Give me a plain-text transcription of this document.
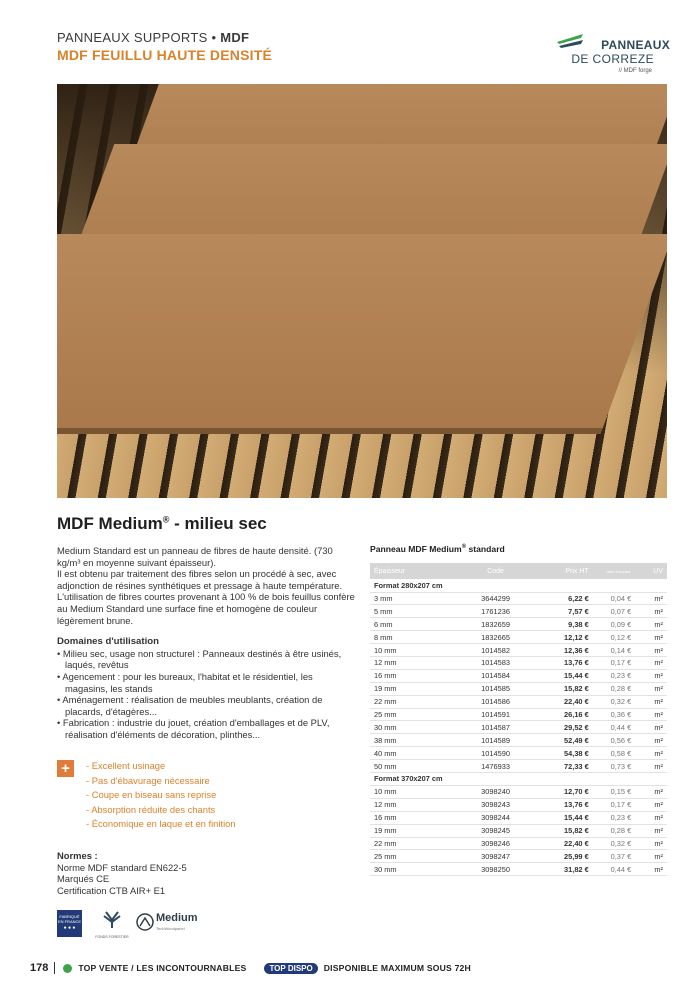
PANNEAUX SUPPORTS • MDF
MDF FEUILLU HAUTE DENSITÉ
PANNEAUX
DE CORREZE
// MDF forge
MDF Medium® - milieu sec

Medium Standard est un panneau de fibres de haute densité. (730 kg/m³ en moyenne suivant épaisseur).

Il est obtenu par traitement des fibres selon un procédé à sec, avec adjonction de résines synthétiques et pressage à haute température. L'utilisation de fibres courtes provenant à 100 % de bois feuillus confère au Medium Standard une surface fine et homogène de couleur légèrement brune.

Domaines d'utilisation
• Milieu sec, usage non structurel : Panneaux destinés à être usinés, laqués, revêtus
• Agencement : pour les bureaux, l'habitat et le résidentiel, les magasins, les stands
• Aménagement : réalisation de meubles meublants, création de placards, d'étagères...
• Fabrication : industrie du jouet, création d'emballages et de PLV, réalisation d'éléments de décoration, plinthes...
+	- Excellent usinage
- Pas d'ébavurage nécessaire
- Coupe en biseau sans reprise
- Absorption réduite des chants
- Économique en laque et en finition
Normes :
Norme MDF standard EN622-5
Marqués CE
Certification CTB AIR+ E1
FABRIQUÉ
EN FRANCE
● ● ●
FONDS FORESTIER
Medium
TechWoodpanel
Panneau MDF Medium® standard
Épaisseur	Code	Prix HT	dont éco-part.	UV
Format 280x207 cm				
3 mm	3644299	6,22 €	0,04 €	m²
5 mm	1761236	7,57 €	0,07 €	m²
6 mm	1832659	9,38 €	0,09 €	m²
8 mm	1832665	12,12 €	0,12 €	m²
10 mm	1014582	12,36 €	0,14 €	m²
12 mm	1014583	13,76 €	0,17 €	m²
16 mm	1014584	15,44 €	0,23 €	m²
19 mm	1014585	15,82 €	0,28 €	m²
22 mm	1014586	22,40 €	0,32 €	m²
25 mm	1014591	26,16 €	0,36 €	m²
30 mm	1014587	29,52 €	0,44 €	m²
38 mm	1014589	52,49 €	0,56 €	m²
40 mm	1014590	54,38 €	0,58 €	m²
50 mm	1476933	72,33 €	0,73 €	m²
Format 370x207 cm				
10 mm	3098240	12,70 €	0,15 €	m²
12 mm	3098243	13,76 €	0,17 €	m²
16 mm	3098244	15,44 €	0,23 €	m²
19 mm	3098245	15,82 €	0,28 €	m²
22 mm	3098246	22,40 €	0,32 €	m²
25 mm	3098247	25,99 €	0,37 €	m²
30 mm	3098250	31,82 €	0,44 €	m²
178	TOP VENTE / LES INCONTOURNABLES	TOP DISPO	DISPONIBLE MAXIMUM SOUS 72H
